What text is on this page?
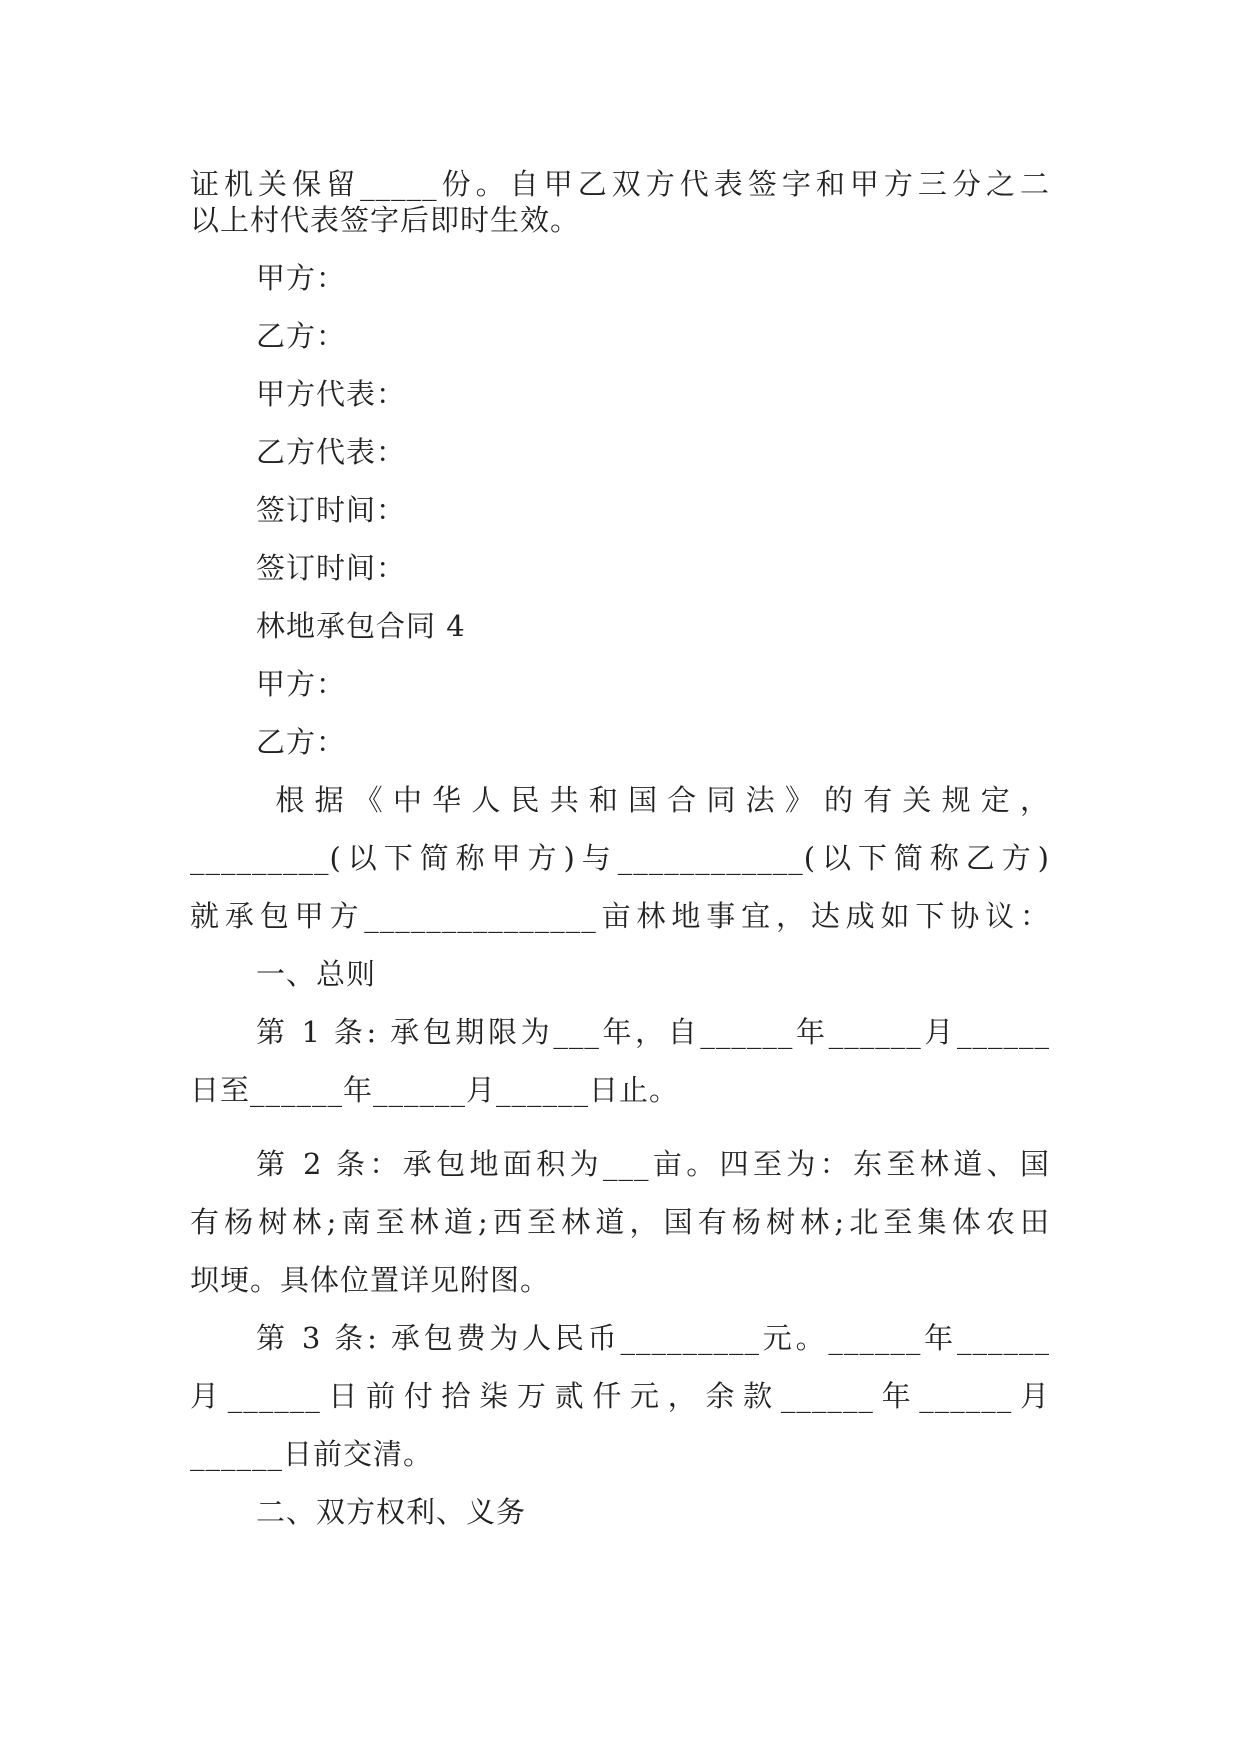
证机关保留_____份。自甲乙双方代表签字和甲方三分之二
以上村代表签字后即时生效。
甲方：
乙方：
甲方代表：
乙方代表：
签订时间：
签订时间：
林地承包合同 4
甲方：
乙方：
根据《中华人民共和国合同法》的有关规定，
_________(以下简称甲方)与____________(以下简称乙方)
就承包甲方_______________亩林地事宜，达成如下协议：
一、总则
第 1 条: 承包期限为___年，自______年______月______
日至______年______月______日止。
第 2 条：承包地面积为___亩。四至为：东至林道、国
有杨树林;南至林道;西至林道，国有杨树林;北至集体农田
坝埂。具体位置详见附图。
第 3 条: 承包费为人民币_________元。______年______
月______日前付拾柒万贰仟元，余款______年______月
______日前交清。
二、双方权利、义务
